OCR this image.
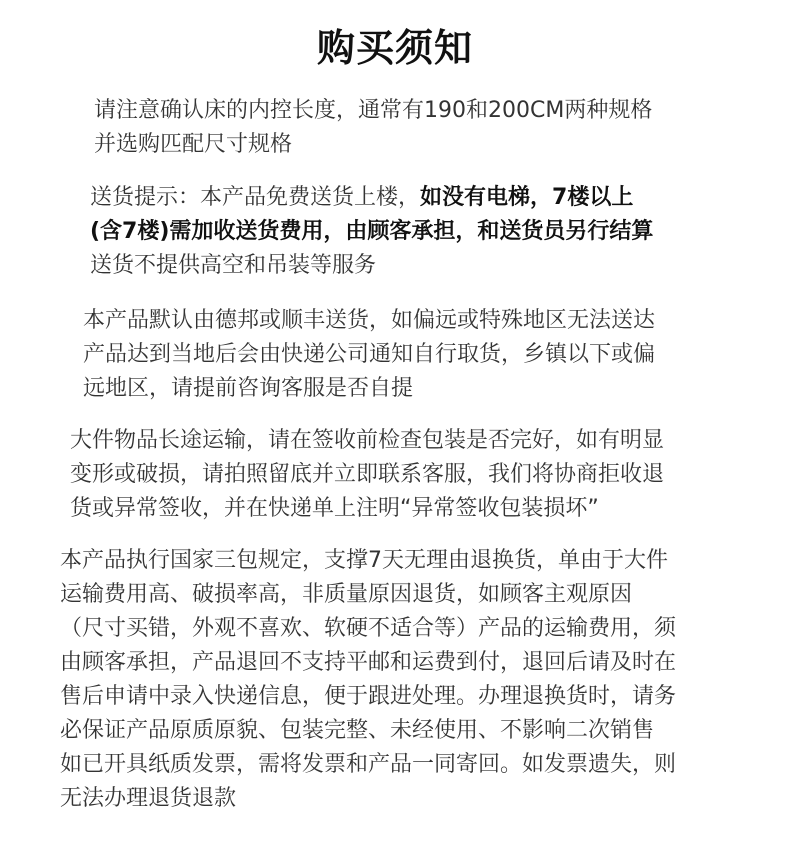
购买须知
请注意确认床的内控长度，通常有190和200CM两种规格
并选购匹配尺寸规格
送货提示：本产品免费送货上楼，如没有电梯，7楼以上
(含7楼)需加收送货费用，由顾客承担，和送货员另行结算
送货不提供高空和吊装等服务
本产品默认由德邦或顺丰送货，如偏远或特殊地区无法送达
产品达到当地后会由快递公司通知自行取货，乡镇以下或偏
远地区，请提前咨询客服是否自提
大件物品长途运输，请在签收前检查包装是否完好，如有明显
变形或破损，请拍照留底并立即联系客服，我们将协商拒收退
货或异常签收，并在快递单上注明“异常签收包装损坏”
本产品执行国家三包规定，支撑7天无理由退换货，单由于大件
运输费用高、破损率高，非质量原因退货，如顾客主观原因
（尺寸买错，外观不喜欢、软硬不适合等）产品的运输费用，须
由顾客承担，产品退回不支持平邮和运费到付，退回后请及时在
售后申请中录入快递信息，便于跟进处理。办理退换货时，请务
必保证产品原质原貌、包装完整、未经使用、不影响二次销售
如已开具纸质发票，需将发票和产品一同寄回。如发票遗失，则
无法办理退货退款
